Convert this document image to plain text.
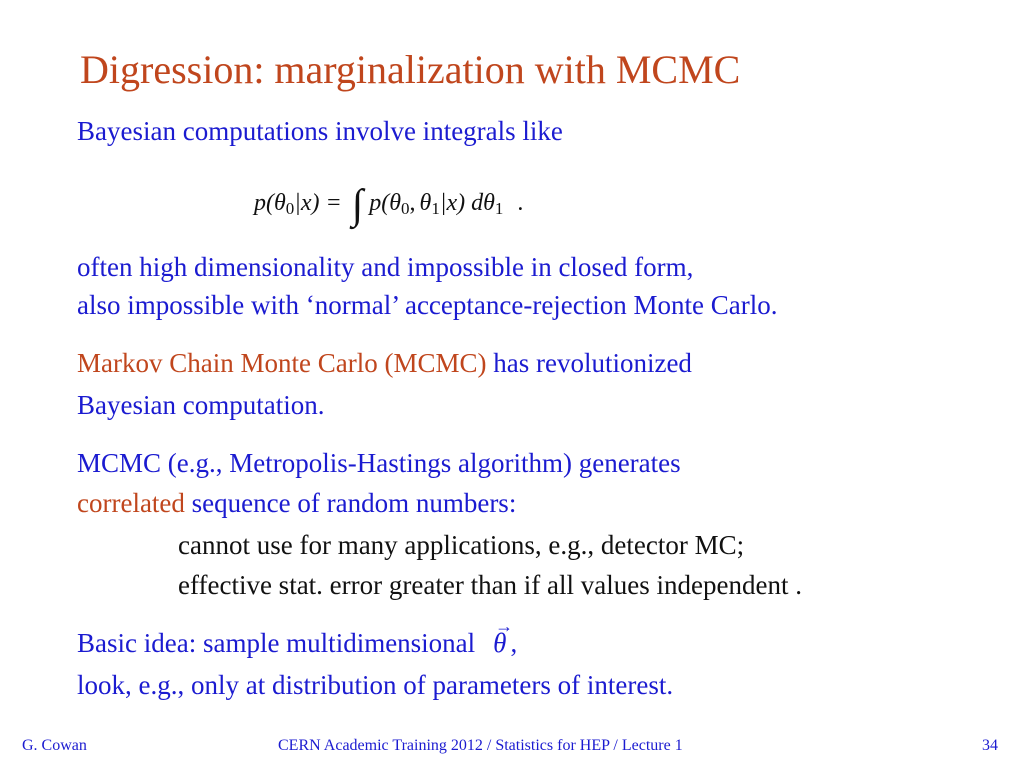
Digression: marginalization with MCMC
Bayesian computations involve integrals like
p( θ 0 |x) = ∫ p( θ 0 , θ 1 |x) d θ 1 .
often high dimensionality and impossible in closed form,
also impossible with ‘normal’ acceptance-rejection Monte Carlo.
Markov Chain Monte Carlo (MCMC) has revolutionized
Bayesian computation.
MCMC (e.g., Metropolis-Hastings algorithm) generates
correlated sequence of random numbers:
cannot use for many applications, e.g., detector MC;
effective stat. error greater than if all values independent .
Basic idea: sample multidimensional
→
θ ,
look, e.g., only at distribution of parameters of interest.
G. Cowan	CERN Academic Training 2012 / Statistics for HEP / Lecture 1	34
